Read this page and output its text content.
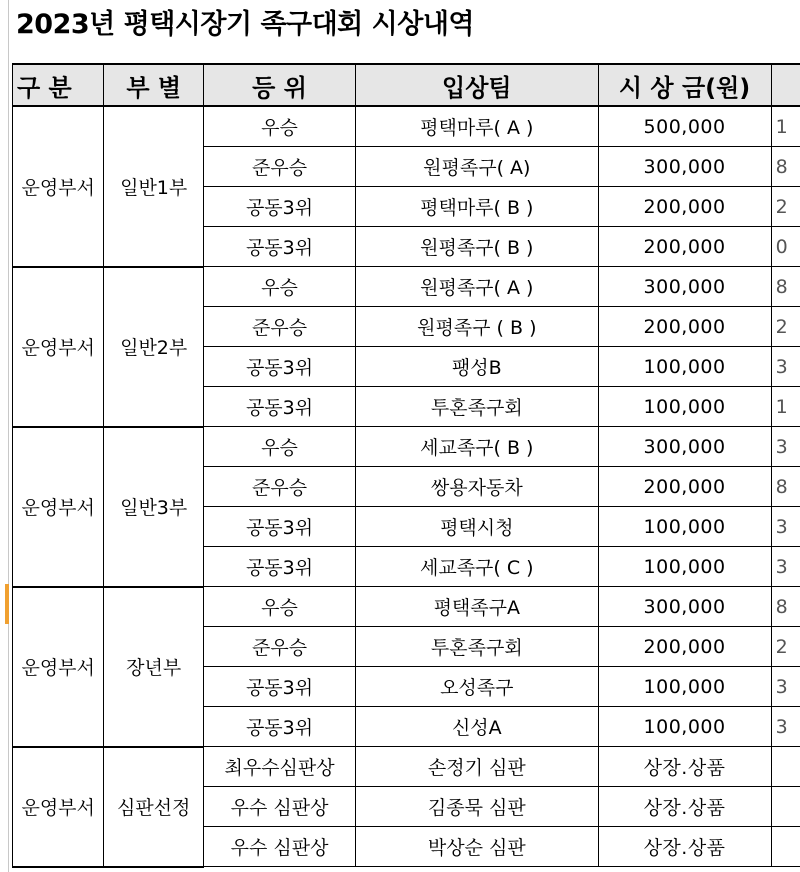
2023년 평택시장기 족구대회 시상내역
구 분	부 별	등 위	입상팀	시 상 금(원)	
운영부서	일반1부	우승	평택마루( A )	500,000	1
		준우승	원평족구( A)	300,000	8
		공동3위	평택마루( B )	200,000	2
		공동3위	원평족구( B )	200,000	0
운영부서	일반2부	우승	원평족구( A )	300,000	8
		준우승	원평족구 ( B )	200,000	2
		공동3위	팽성B	100,000	3
		공동3위	투혼족구회	100,000	1
운영부서	일반3부	우승	세교족구( B )	300,000	3
		준우승	쌍용자동차	200,000	8
		공동3위	평택시청	100,000	3
		공동3위	세교족구( C )	100,000	3
운영부서	장년부	우승	평택족구A	300,000	8
		준우승	투혼족구회	200,000	2
		공동3위	오성족구	100,000	3
		공동3위	신성A	100,000	3
운영부서	심판선정	최우수심판상	손정기 심판	상장.상품	
		우수 심판상	김종묵 심판	상장.상품	
		우수 심판상	박상순 심판	상장.상품	
